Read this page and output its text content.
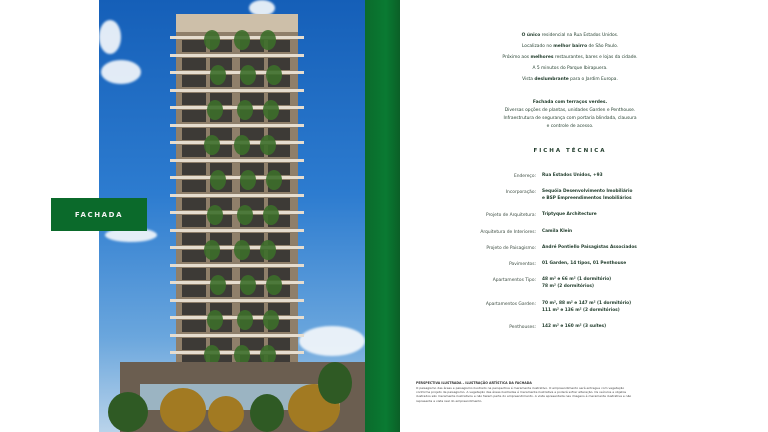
FACHADA
O único residencial na Rua Estados Unidos.
Localizado no melhor bairro de São Paulo.
Próximo aos melhores restaurantes, bares e lojas da cidade.
A 5 minutos do Parque Ibirapuera.
Vista deslumbrante para o Jardim Europa.
Fachada com terraços verdes.
Diversas opções de plantas, unidades Garden e Penthouse.
Infraestrutura de segurança com portaria blindada, clausura
e controle de acesso.
FICHA TÉCNICA
Endereço: Rua Estados Unidos, +93
Incorporação: Sequóia Desenvolvimento Imobiliário
e BSP Empreendimentos Imobiliários
Projeto de Arquitetura: Triptyque Architecture
Arquitetura de Interiores: Camila Klein
Projeto de Paisagismo: André Pontiello Paisagistas Associados
Pavimentos: 01 Garden, 14 tipos, 01 Penthouse
Apartamentos Tipo: 48 m² e 66 m² (1 dormitório)
78 m² (2 dormitórios)
Apartamentos Garden: 70 m², 88 m² e 147 m² (1 dormitório)
111 m² e 136 m² (2 dormitórios)
Penthouses: 142 m² e 160 m² (3 suítes)
PERSPECTIVA ILUSTRADA – ILUSTRAÇÃO ARTÍSTICA DA FACHADA
O paisagismo das áreas e paisagismo ilustrado na perspectiva é meramente ilustrativo. O empreendimento será entregue com vegetação conforme projeto de paisagismo. A vegetação das áreas ilustradas é meramente ilustrativa e poderá sofrer alteração. Os veículos e objetos ilustrados são meramente ilustrativos e não fazem parte do empreendimento. A vista apresentada nas imagens é meramente ilustrativa e não representa a vista real do empreendimento.
